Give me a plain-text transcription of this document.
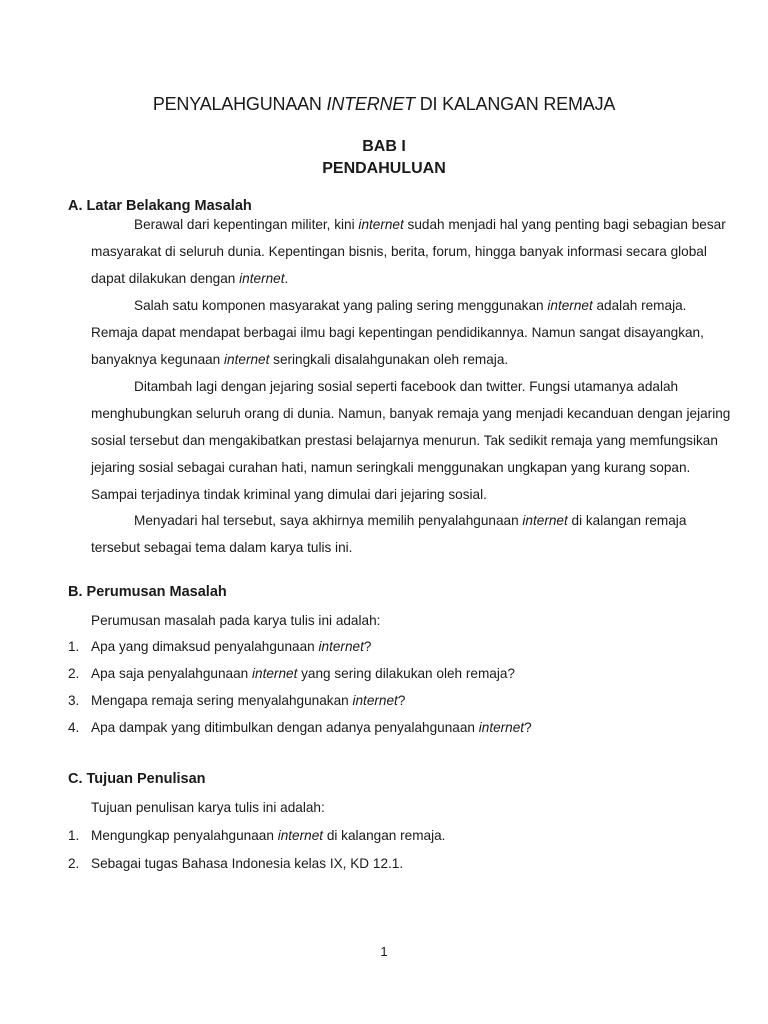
PENYALAHGUNAAN INTERNET DI KALANGAN REMAJA
BAB I
PENDAHULUAN
A. Latar Belakang Masalah
Berawal dari kepentingan militer, kini internet sudah menjadi hal yang penting bagi sebagian besar
masyarakat di seluruh dunia. Kepentingan bisnis, berita, forum, hingga banyak informasi secara global
dapat dilakukan dengan internet.
Salah satu komponen masyarakat yang paling sering menggunakan internet adalah remaja.
Remaja dapat mendapat berbagai ilmu bagi kepentingan pendidikannya. Namun sangat disayangkan,
banyaknya kegunaan internet seringkali disalahgunakan oleh remaja.
Ditambah lagi dengan jejaring sosial seperti facebook dan twitter. Fungsi utamanya adalah
menghubungkan seluruh orang di dunia. Namun, banyak remaja yang menjadi kecanduan dengan jejaring
sosial tersebut dan mengakibatkan prestasi belajarnya menurun. Tak sedikit remaja yang memfungsikan
jejaring sosial sebagai curahan hati, namun seringkali menggunakan ungkapan yang kurang sopan.
Sampai terjadinya tindak kriminal yang dimulai dari jejaring sosial.
Menyadari hal tersebut, saya akhirnya memilih penyalahgunaan internet di kalangan remaja
tersebut sebagai tema dalam karya tulis ini.
B. Perumusan Masalah
Perumusan masalah pada karya tulis ini adalah:
1. Apa yang dimaksud penyalahgunaan internet?
2. Apa saja penyalahgunaan internet yang sering dilakukan oleh remaja?
3. Mengapa remaja sering menyalahgunakan internet?
4. Apa dampak yang ditimbulkan dengan adanya penyalahgunaan internet?
C. Tujuan Penulisan
Tujuan penulisan karya tulis ini adalah:
1. Mengungkap penyalahgunaan internet di kalangan remaja.
2. Sebagai tugas Bahasa Indonesia kelas IX, KD 12.1.
1
